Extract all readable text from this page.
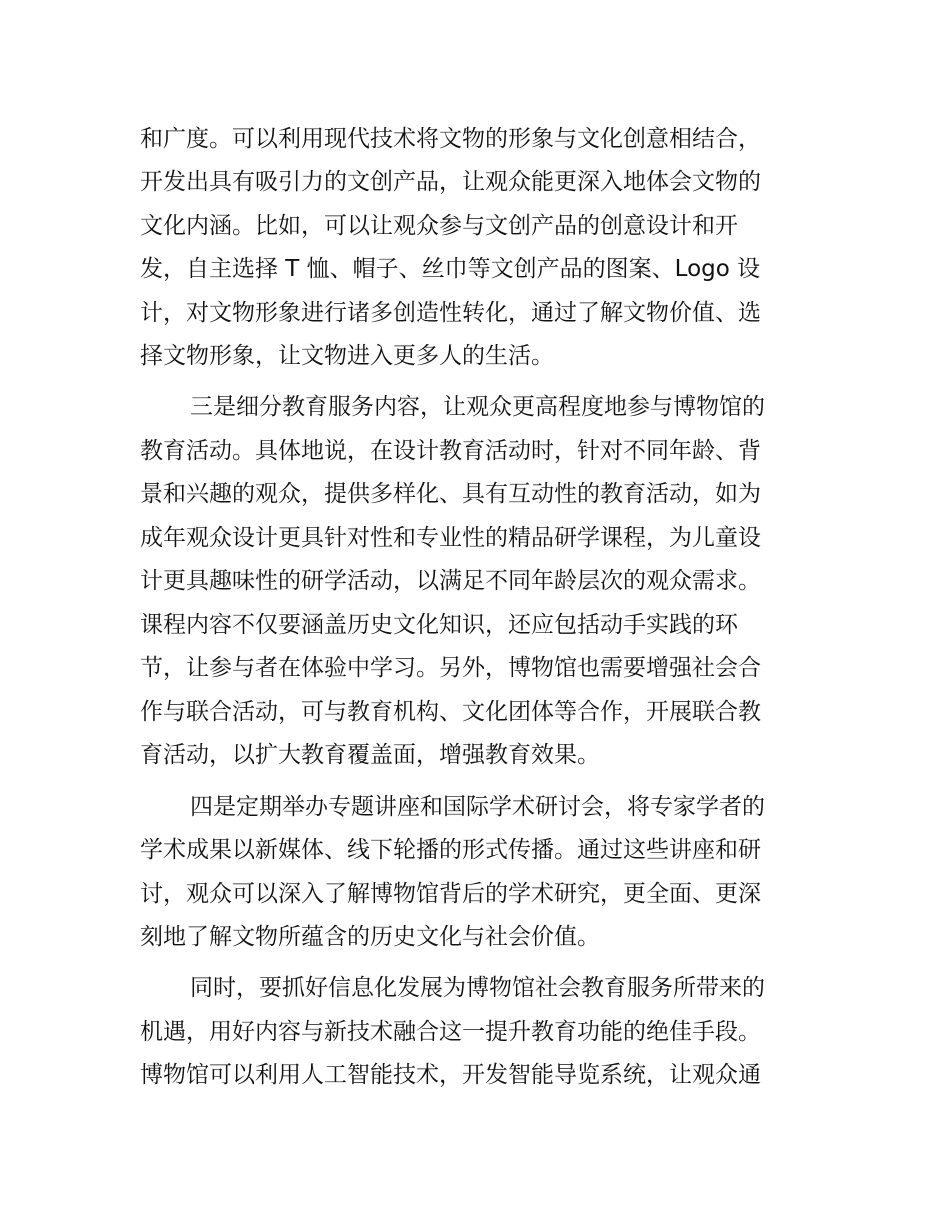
和广度。可以利用现代技术将文物的形象与文化创意相结合，
开发出具有吸引力的文创产品，让观众能更深入地体会文物的
文化内涵。比如，可以让观众参与文创产品的创意设计和开
发，自主选择 T 恤、帽子、丝巾等文创产品的图案、Logo 设
计，对文物形象进行诸多创造性转化，通过了解文物价值、选
择文物形象，让文物进入更多人的生活。
三是细分教育服务内容，让观众更高程度地参与博物馆的
教育活动。具体地说，在设计教育活动时，针对不同年龄、背
景和兴趣的观众，提供多样化、具有互动性的教育活动，如为
成年观众设计更具针对性和专业性的精品研学课程，为儿童设
计更具趣味性的研学活动，以满足不同年龄层次的观众需求。
课程内容不仅要涵盖历史文化知识，还应包括动手实践的环
节，让参与者在体验中学习。另外，博物馆也需要增强社会合
作与联合活动，可与教育机构、文化团体等合作，开展联合教
育活动，以扩大教育覆盖面，增强教育效果。
四是定期举办专题讲座和国际学术研讨会，将专家学者的
学术成果以新媒体、线下轮播的形式传播。通过这些讲座和研
讨，观众可以深入了解博物馆背后的学术研究，更全面、更深
刻地了解文物所蕴含的历史文化与社会价值。
同时，要抓好信息化发展为博物馆社会教育服务所带来的
机遇，用好内容与新技术融合这一提升教育功能的绝佳手段。
博物馆可以利用人工智能技术，开发智能导览系统，让观众通
